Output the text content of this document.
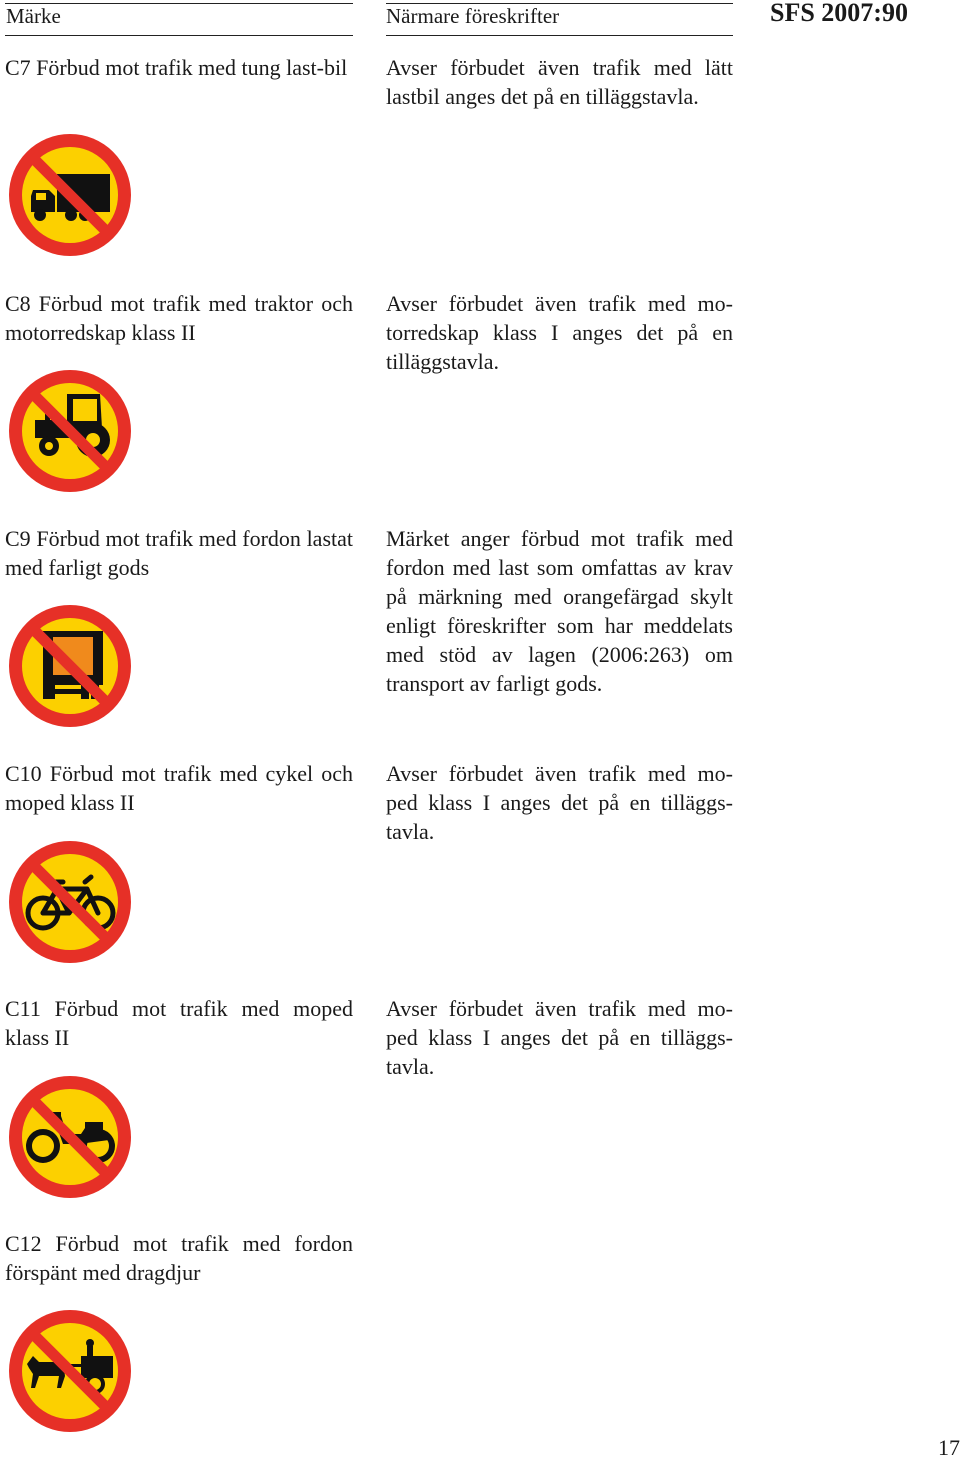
Märke	Närmare föreskrifter	SFS 2007:90
C7 Förbud mot trafik med tung last-bil Avser förbudet även trafik med lätt lastbil anges det på en tilläggstavla.
C8 Förbud mot trafik med traktor och motorredskap klass II
Avser förbudet även trafik med mo-torredskap klass I anges det på en tilläggstavla.
C9 Förbud mot trafik med fordon lastat med farligt gods
Märket anger förbud mot trafik med fordon med last som omfattas av krav på märkning med orangefärgad skylt enligt föreskrifter som har meddelats med stöd av lagen (2006:263) om transport av farligt gods.
C10 Förbud mot trafik med cykel och moped klass II
Avser förbudet även trafik med mo-ped klass I anges det på en tilläggs-tavla.
C11 Förbud mot trafik med moped klass II
Avser förbudet även trafik med mo-ped klass I anges det på en tilläggs-tavla.
C12 Förbud mot trafik med fordon förspänt med dragdjur
17
